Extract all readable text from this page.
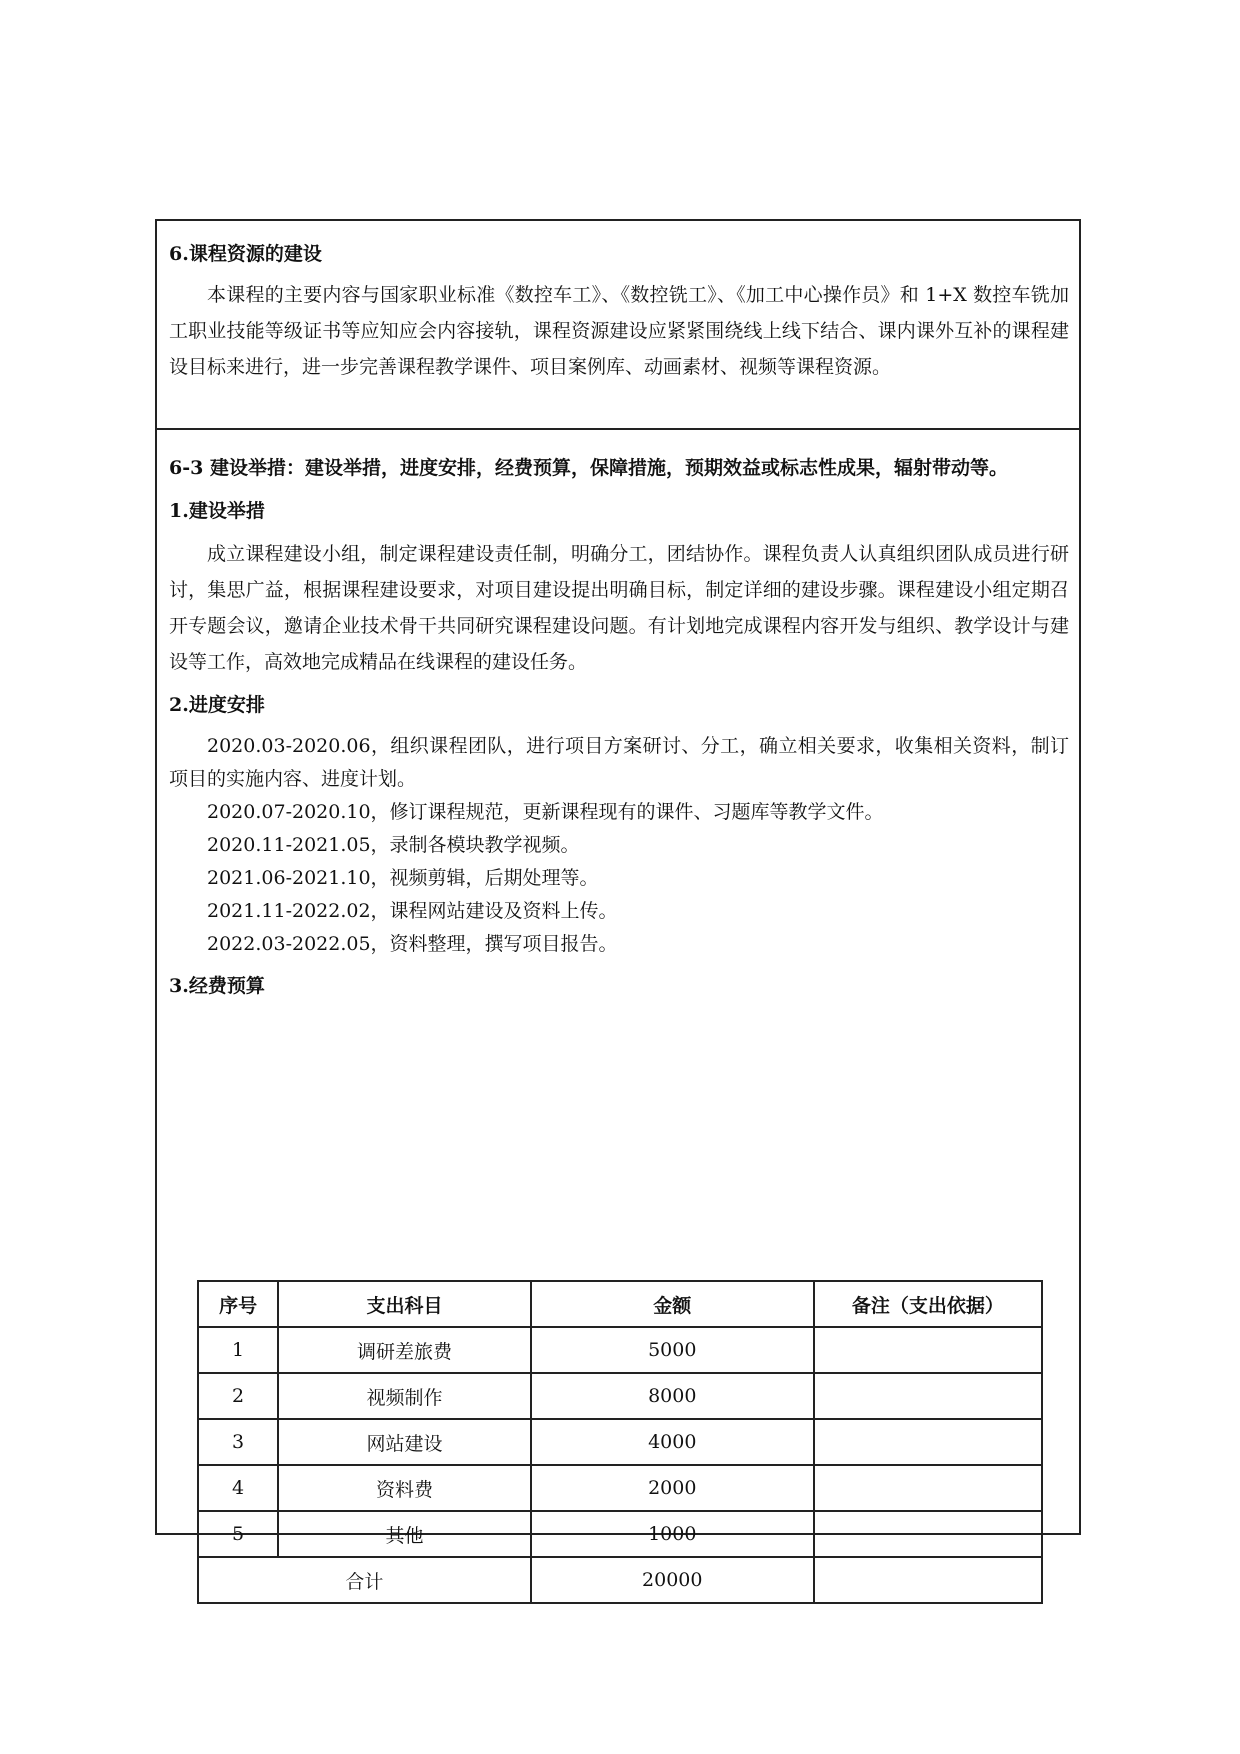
6.课程资源的建设

本课程的主要内容与国家职业标准《数控车工》、《数控铣工》、《加工中心操作员》和 1+X 数控车铣加工职业技能等级证书等应知应会内容接轨，课程资源建设应紧紧围绕线上线下结合、课内课外互补的课程建设目标来进行，进一步完善课程教学课件、项目案例库、动画素材、视频等课程资源。

6-3 建设举措：建设举措，进度安排，经费预算，保障措施，预期效益或标志性成果，辐射带动等。

1.建设举措

成立课程建设小组，制定课程建设责任制，明确分工，团结协作。课程负责人认真组织团队成员进行研讨，集思广益，根据课程建设要求，对项目建设提出明确目标，制定详细的建设步骤。课程建设小组定期召开专题会议，邀请企业技术骨干共同研究课程建设问题。有计划地完成课程内容开发与组织、教学设计与建设等工作，高效地完成精品在线课程的建设任务。

2.进度安排

2020.03-2020.06，组织课程团队，进行项目方案研讨、分工，确立相关要求，收集相关资料，制订项目的实施内容、进度计划。

2020.07-2020.10，修订课程规范，更新课程现有的课件、习题库等教学文件。

2020.11-2021.05，录制各模块教学视频。

2021.06-2021.10，视频剪辑，后期处理等。

2021.11-2022.02，课程网站建设及资料上传。

2022.03-2022.05，资料整理，撰写项目报告。

3.经费预算

序号	支出科目	金额	备注（支出依据）
1	调研差旅费	5000	
2	视频制作	8000	
3	网站建设	4000	
4	资料费	2000	
5	其他	1000	
合计		20000	
